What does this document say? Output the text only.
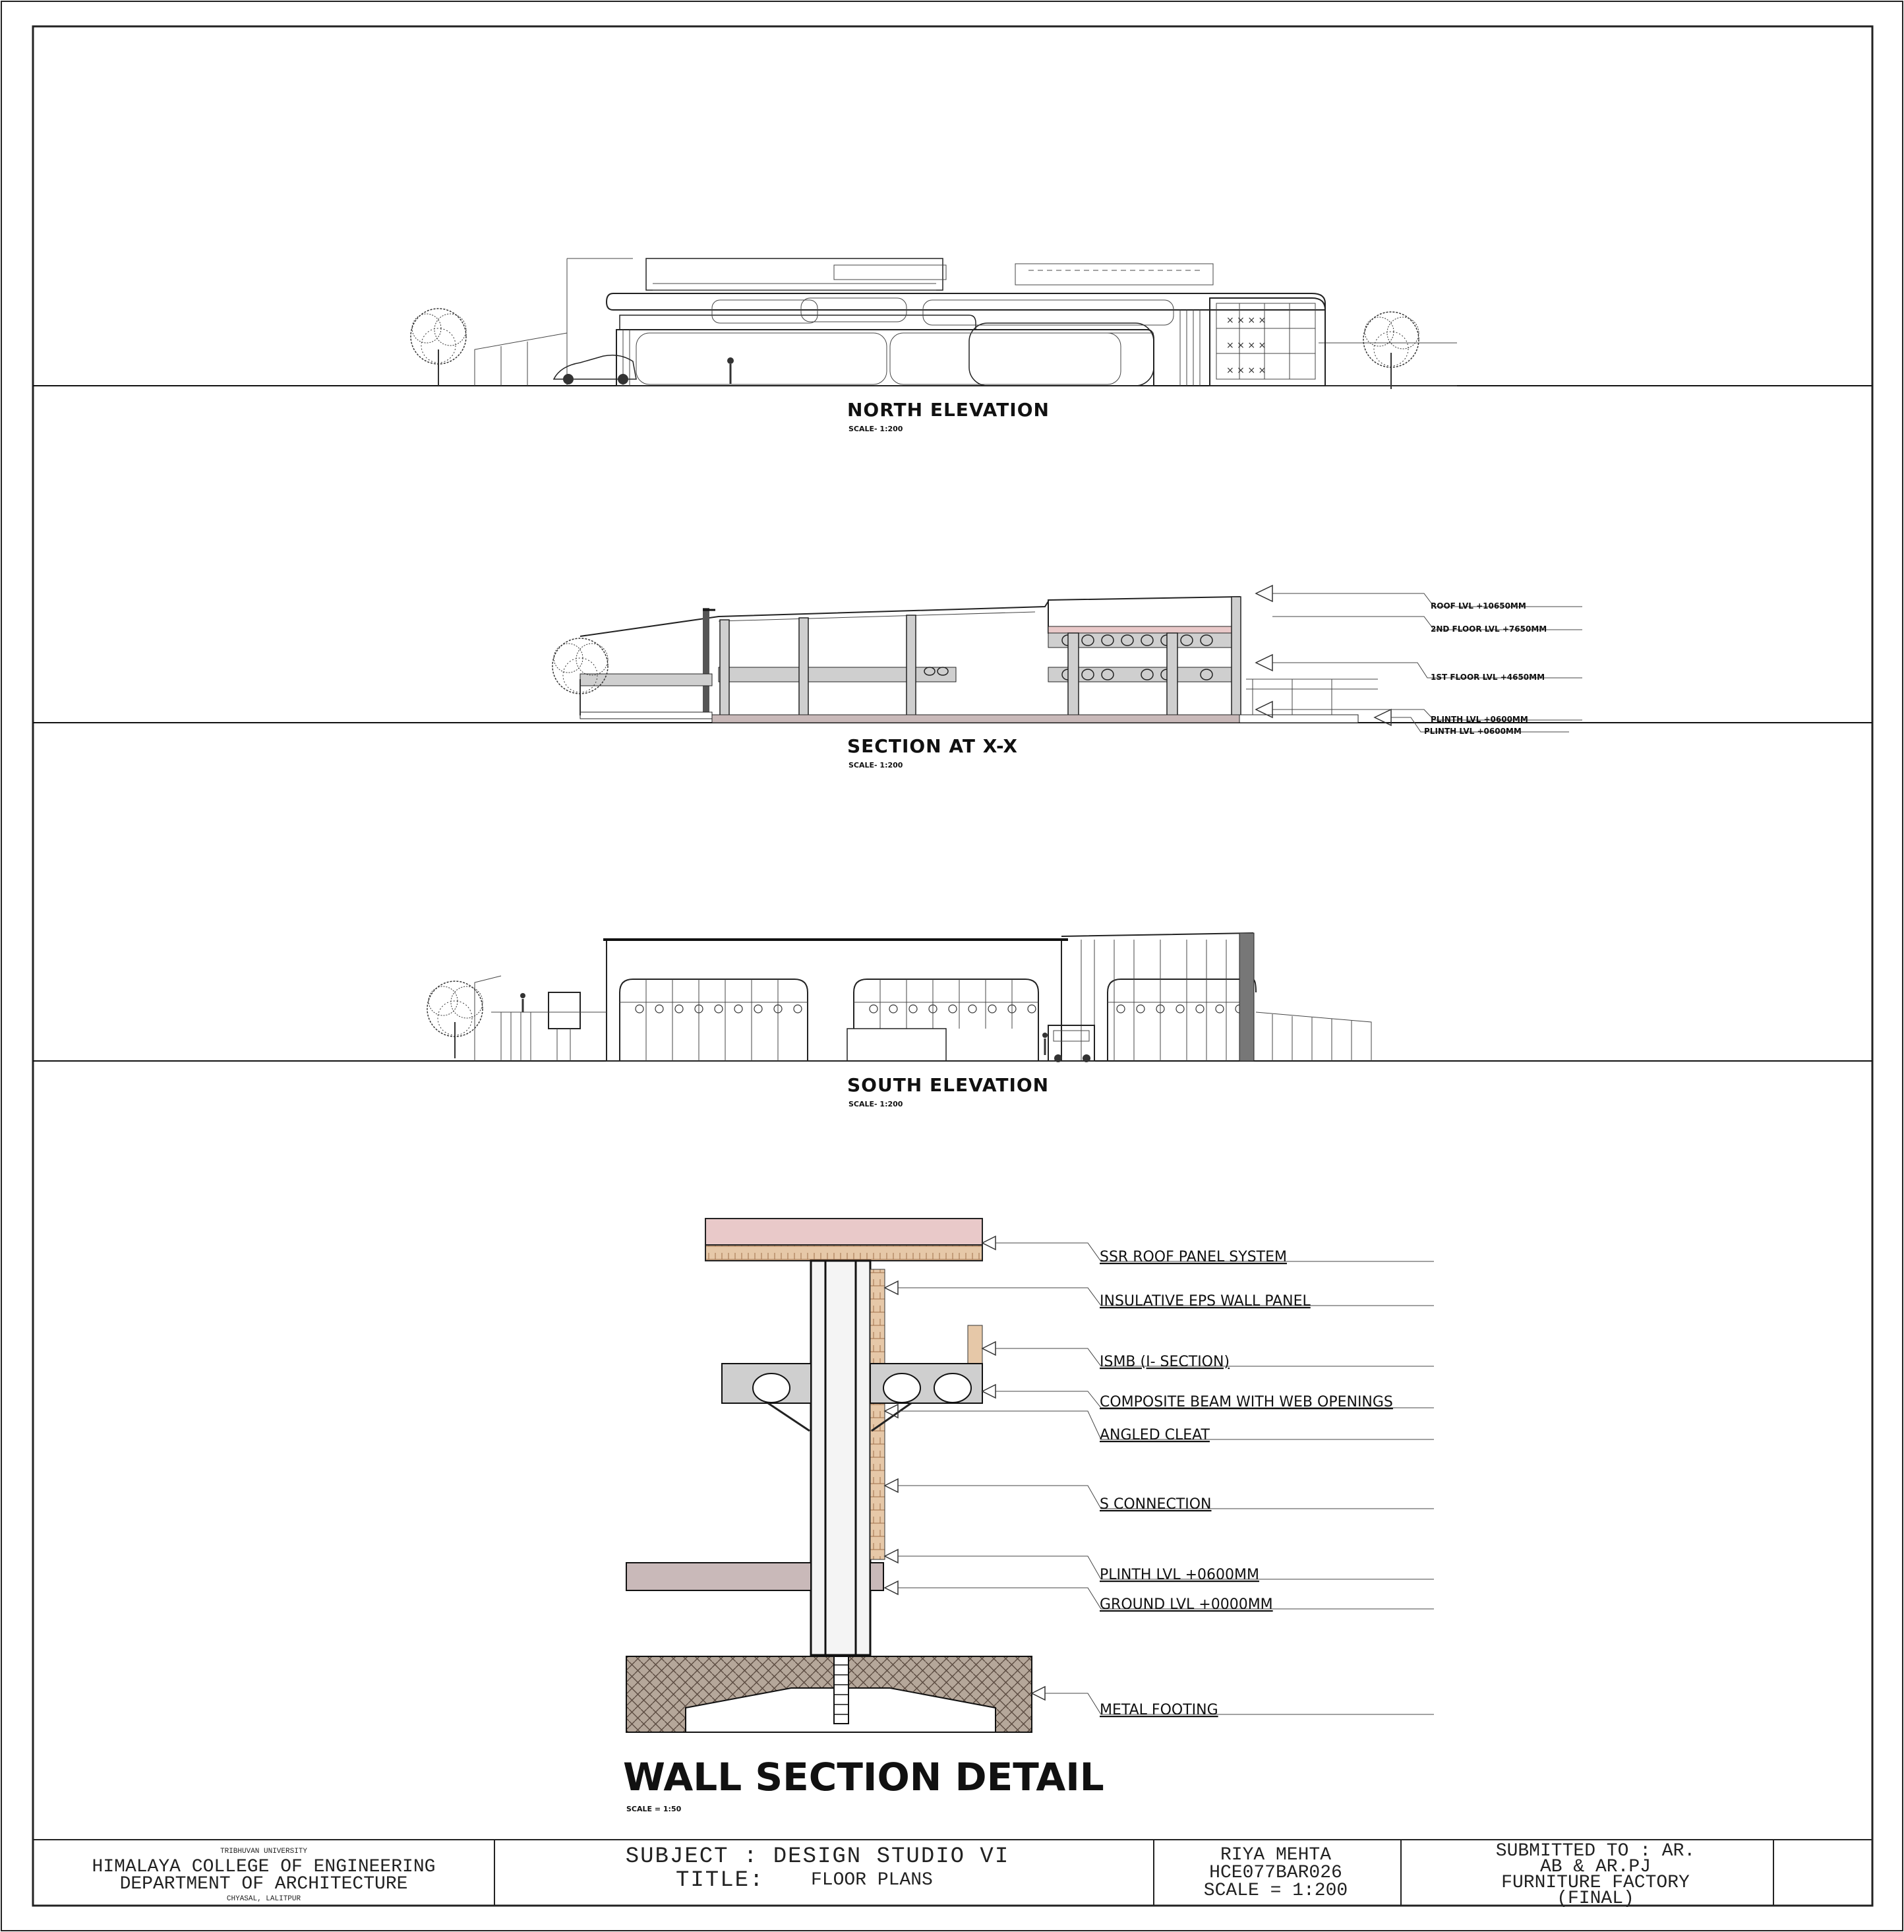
× × × ×
× × × ×
× × × ×
NORTH ELEVATION
SCALE- 1:200
ROOF LVL +10650MM
2ND FLOOR LVL +7650MM
1ST FLOOR LVL +4650MM
PLINTH LVL +0600MM
PLINTH LVL +0600MM
SECTION AT X-X
SCALE- 1:200
SOUTH ELEVATION
SCALE- 1:200
SSR ROOF PANEL SYSTEM
INSULATIVE EPS WALL PANEL
ISMB (I- SECTION)
COMPOSITE BEAM WITH WEB OPENINGS
ANGLED CLEAT
S CONNECTION
PLINTH LVL +0600MM
GROUND LVL +0000MM
METAL FOOTING
WALL SECTION DETAIL
SCALE = 1:50
TRIBHUVAN UNIVERSITY
HIMALAYA COLLEGE OF ENGINEERING
DEPARTMENT OF ARCHITECTURE
CHYASAL, LALITPUR
SUBJECT : DESIGN STUDIO VI
TITLE:	FLOOR PLANS
RIYA MEHTA
HCE077BAR026
SCALE = 1:200
SUBMITTED TO : AR.
AB & AR.PJ
FURNITURE FACTORY
(FINAL)
